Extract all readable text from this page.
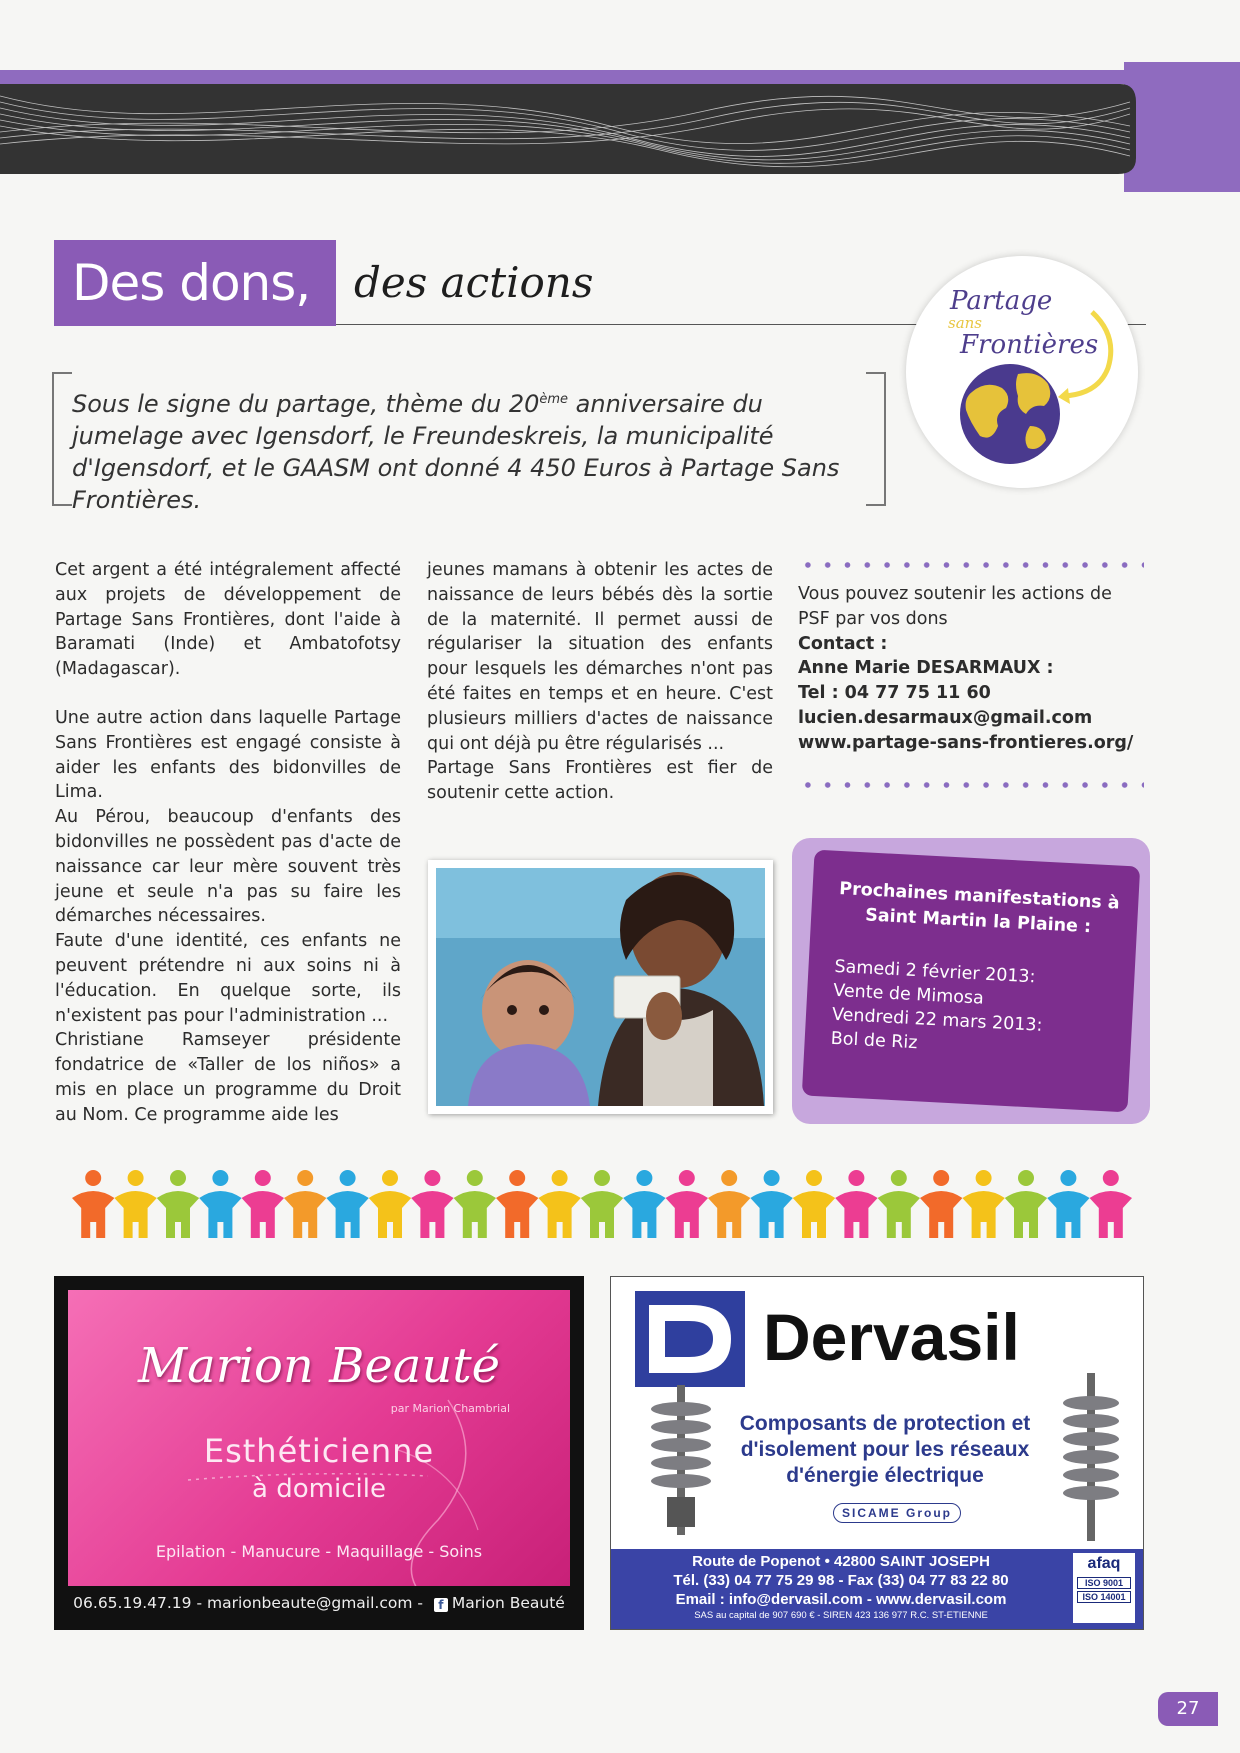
Des dons,	des actions
Sous le signe du partage, thème du 20ème anniversaire du jumelage avec Igensdorf, le Freundeskreis, la municipalité d'Igensdorf, et le GAASM ont donné 4 450 Euros à Partage Sans Frontières.
Partage
sans
Frontières

Cet argent a été intégralement affecté aux projets de développement de Partage Sans Frontières, dont l'aide à Baramati (Inde) et Ambatofotsy (Madagascar).

Une autre action dans laquelle Partage Sans Frontières est engagé consiste à aider les enfants des bidonvilles de Lima.

Au Pérou, beaucoup d'enfants des bidonvilles ne possèdent pas d'acte de naissance car leur mère souvent très jeune et seule n'a pas su faire les démarches nécessaires.

Faute d'une identité, ces enfants ne peuvent prétendre ni aux soins ni à l'éducation. En quelque sorte, ils n'existent pas pour l'administration ...

Christiane Ramseyer présidente fondatrice de «Taller de los niños» a mis en place un programme du Droit au Nom. Ce programme aide les

jeunes mamans à obtenir les actes de naissance de leurs bébés dès la sortie de la maternité. Il permet aussi de régulariser la situation des enfants pour lesquels les démarches n'ont pas été faites en temps et en heure. C'est plusieurs milliers d'actes de naissance qui ont déjà pu être régularisés ...

Partage Sans Frontières est fier de soutenir cette action.

Vous pouvez soutenir les actions de PSF par vos dons

Contact :

Anne Marie DESARMAUX :

Tel : 04 77 75 11 60

lucien.desarmaux@gmail.com

www.partage-sans-frontieres.org/

Prochaines manifestations à Saint Martin la Plaine :
Samedi 2 février 2013:
Vente de Mimosa
Vendredi 22 mars 2013:
Bol de Riz
Marion Beauté
par Marion Chambrial
Esthéticienne
à domicile
Epilation - Manucure - Maquillage - Soins
06.65.19.47.19 - marionbeaute@gmail.com - f Marion Beauté
Dervasil
Composants de protection et d'isolement pour les réseaux d'énergie électrique
SICAME Group
Route de Popenot • 42800 SAINT JOSEPH
Tél. (33) 04 77 75 29 98 - Fax (33) 04 77 83 22 80
Email : info@dervasil.com - www.dervasil.com
SAS au capital de 907 690 € - SIREN 423 136 977 R.C. ST-ETIENNE
afaq
ISO 9001
ISO 14001
27
